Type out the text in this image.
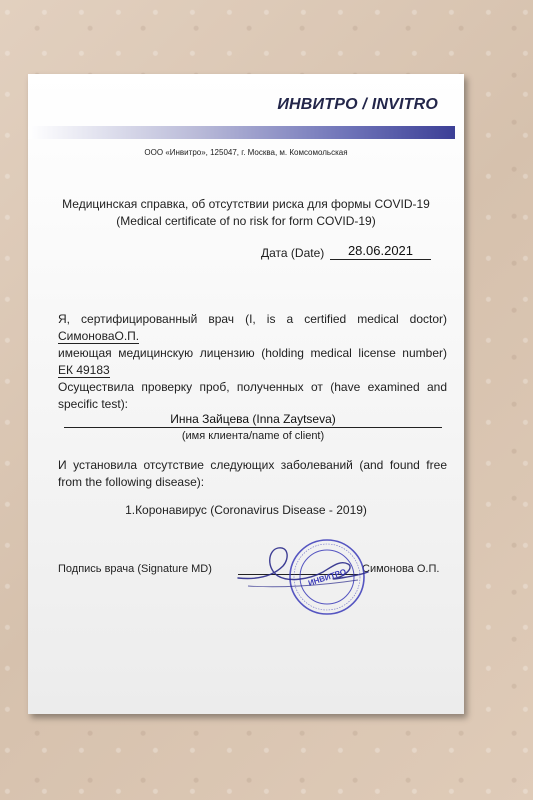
ИНВИТРО / INVITRO
ООО «Инвитро», 125047, г. Москва, м. Комсомольская
Медицинская справка, об отсутствии риска для формы COVID-19
(Medical certificate of no risk for form COVID-19)
Дата (Date)	28.06.2021
Я, сертифицированный врач (I, is a certified medical doctor)
СимоноваО.П.
имеющая медицинскую лицензию (holding medical license number)
ЕК 49183
Осуществила проверку проб, полученных от (have examined and
specific test):
Инна Зайцева (Inna Zaytseva)
(имя клиента/name of client)
И установила отсутствие следующих заболеваний (and found free
from the following disease):
1.Коронавирус (Coronavirus Disease - 2019)
Подпись врача (Signature MD)	Симонова О.П.
ИНВИТРО
